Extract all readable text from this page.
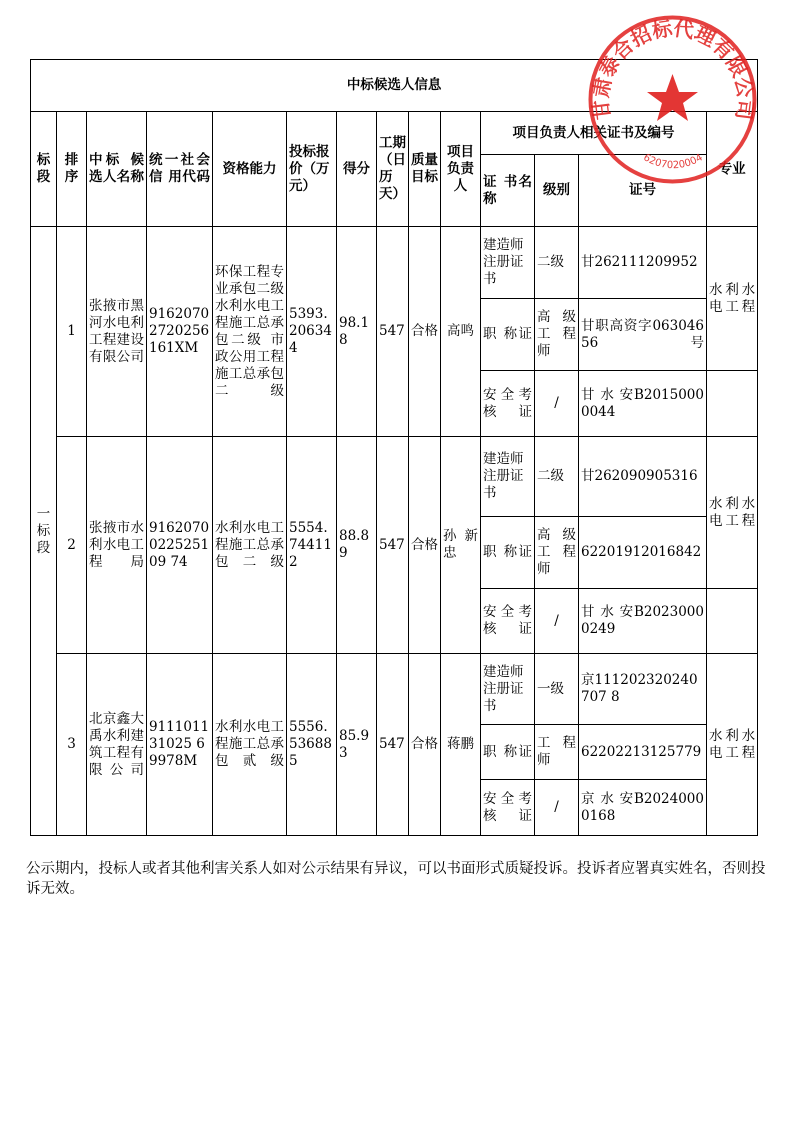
中标候选人信息													
标段	排序	中标 候选人名称	统一社会信 用代码	资格能力	投标报价（万元）	得分	工期（日历天）	质量目标	项目负责人	项目负责人相关证书及编号			专业
										证 书名称	级别	证号	
一标段	1	张掖市黑河水电利工程建设有限公司	91620702720256161XM	环保工程专业承包二级 水利水电工程施工总承包二级 市政公用工程施工总承包二级	5393.206344	98.18	547	合格	高鸣	建造师注册证书	二级	甘262111209952	水利水电工程
										职 称证	高 级工程师	甘职高资字06304656号	
										安全考核证	/	甘 水 安B20150000044	
	2	张掖市水利水电工程局	9162070022525109 74	水利水电工程施工总承包二级	5554.744112	88.89	547	合格	孙新忠	建造师注册证书	二级	甘262090905316	水利水电工程
										职 称证	高 级工程师	62201912016842	
										安全考核证	/	甘 水 安B20230000249	
	3	北京鑫大禹水利建筑工程有限公司	911101131025 69978M	水利水电工程施工总承包贰级	5556.536885	85.93	547	合格	蒋鹏	建造师注册证书	一级	京111202320240707 8	水利水电工程
										职 称证	工 程师	62202213125779	
										安全考核证	/	京 水 安B20240000168	
公示期内，投标人或者其他利害关系人如对公示结果有异议，可以书面形式质疑投诉。投诉者应署真实姓名，否则投诉无效。
甘肃泰合招标代理有限公司
6207020004
